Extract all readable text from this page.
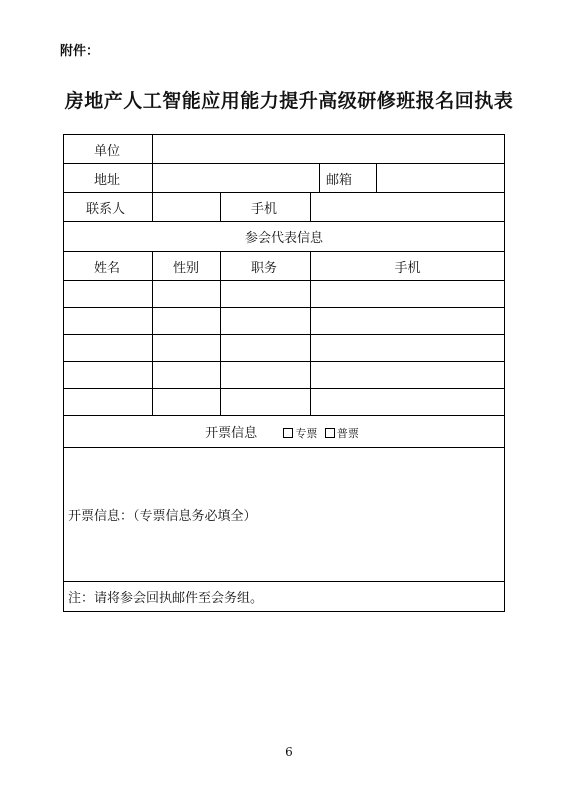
附件：
房地产人工智能应用能力提升高级研修班报名回执表
单位					
地址				邮箱	
联系人		手机			
参会代表信息					
姓名	性别	职务	手机		

开票信息 专票 普票					
开票信息：（专票信息务必填全）					
注：请将参会回执邮件至会务组。					
6
